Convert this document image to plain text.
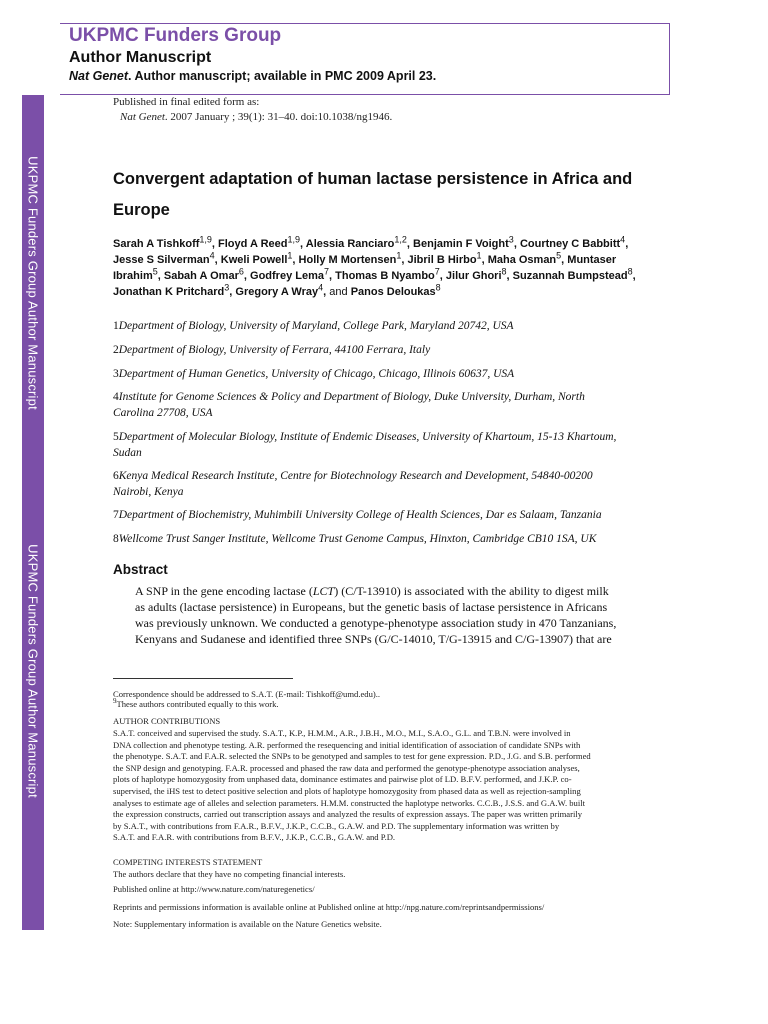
UKPMC Funders Group Author Manuscript
UKPMC Funders Group Author Manuscript
UKPMC Funders Group
Author Manuscript
Nat Genet. Author manuscript; available in PMC 2009 April 23.
Published in final edited form as:
Nat Genet. 2007 January ; 39(1): 31–40. doi:10.1038/ng1946.
Convergent adaptation of human lactase persistence in Africa and Europe
Sarah A Tishkoff$^{1,9}$, Floyd A Reed$^{1,9}$, Alessia Ranciaro$^{1,2}$, Benjamin F Voight$^3$, Courtney C Babbitt$^4$, Jesse S Silverman$^4$, Kweli Powell$^1$, Holly M Mortensen$^1$, Jibril B Hirbo$^1$, Maha Osman$^5$, Muntaser Ibrahim$^5$, Sabah A Omar$^6$, Godfrey Lema$^7$, Thomas B Nyambo$^7$, Jilur Ghori$^8$, Suzannah Bumpstead$^8$, Jonathan K Pritchard$^3$, Gregory A Wray$^4$, and Panos Deloukas$^8$
1Department of Biology, University of Maryland, College Park, Maryland 20742, USA
2Department of Biology, University of Ferrara, 44100 Ferrara, Italy
3Department of Human Genetics, University of Chicago, Chicago, Illinois 60637, USA
4Institute for Genome Sciences & Policy and Department of Biology, Duke University, Durham, North
Carolina 27708, USA
5Department of Molecular Biology, Institute of Endemic Diseases, University of Khartoum, 15-13 Khartoum,
Sudan
6Kenya Medical Research Institute, Centre for Biotechnology Research and Development, 54840-00200
Nairobi, Kenya
7Department of Biochemistry, Muhimbili University College of Health Sciences, Dar es Salaam, Tanzania
8Wellcome Trust Sanger Institute, Wellcome Trust Genome Campus, Hinxton, Cambridge CB10 1SA, UK
Abstract
A SNP in the gene encoding lactase (LCT) (C/T-13910) is associated with the ability to digest milk
as adults (lactase persistence) in Europeans, but the genetic basis of lactase persistence in Africans
was previously unknown. We conducted a genotype-phenotype association study in 470 Tanzanians,
Kenyans and Sudanese and identified three SNPs (G/C-14010, T/G-13915 and C/G-13907) that are
Correspondence should be addressed to S.A.T. (E-mail: Tishkoff@umd.edu)..
$^9$These authors contributed equally to this work.
AUTHOR CONTRIBUTIONS
S.A.T. conceived and supervised the study. S.A.T., K.P., H.M.M., A.R., J.B.H., M.O., M.I., S.A.O., G.L. and T.B.N. were involved in
DNA collection and phenotype testing. A.R. performed the resequencing and initial identification of association of candidate SNPs with
the phenotype. S.A.T. and F.A.R. selected the SNPs to be genotyped and samples to test for gene expression. P.D., J.G. and S.B. performed
the SNP design and genotyping. F.A.R. processed and phased the raw data and performed the genotype-phenotype association analyses,
plots of haplotype homozygosity from unphased data, dominance estimates and pairwise plot of LD. B.F.V. performed, and J.K.P. co-
supervised, the iHS test to detect positive selection and plots of haplotype homozygosity from phased data as well as rejection-sampling
analyses to estimate age of alleles and selection parameters. H.M.M. constructed the haplotype networks. C.C.B., J.S.S. and G.A.W. built
the expression constructs, carried out transcription assays and analyzed the results of expression assays. The paper was written primarily
by S.A.T., with contributions from F.A.R., B.F.V., J.K.P., C.C.B., G.A.W. and P.D. The supplementary information was written by
S.A.T. and F.A.R. with contributions from B.F.V., J.K.P., C.C.B., G.A.W. and P.D.
COMPETING INTERESTS STATEMENT
The authors declare that they have no competing financial interests.
Published online at http://www.nature.com/naturegenetics/
Reprints and permissions information is available online at Published online at http://npg.nature.com/reprintsandpermissions/
Note: Supplementary information is available on the Nature Genetics website.
